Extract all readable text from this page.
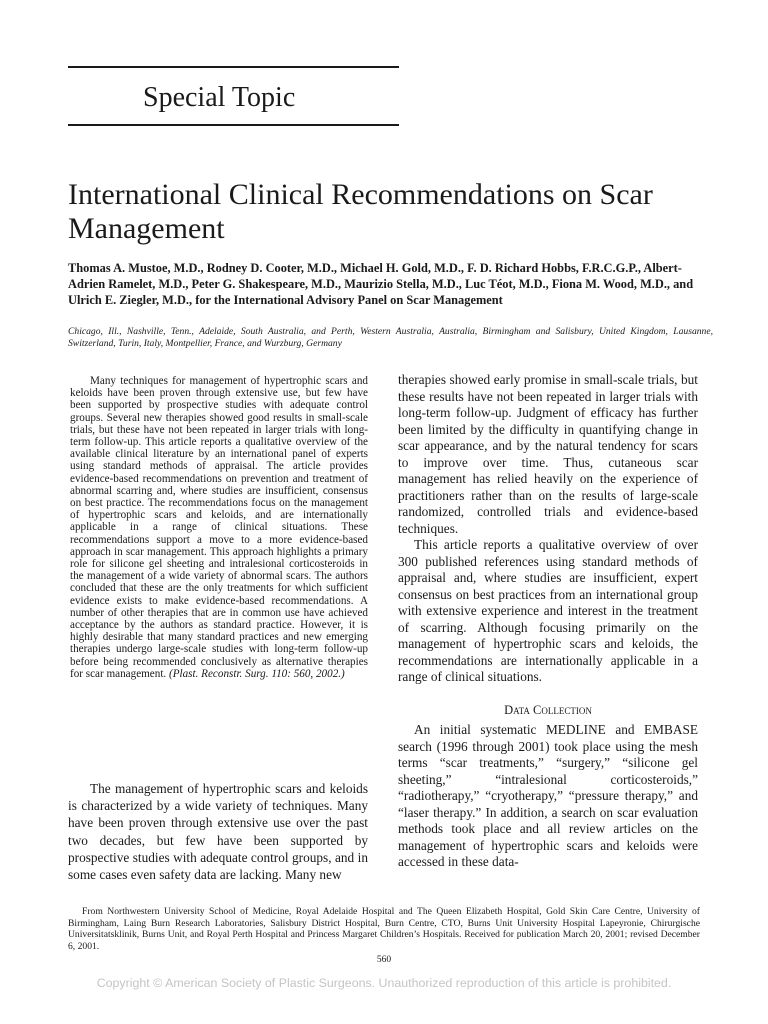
Special Topic
International Clinical Recommendations on Scar Management
Thomas A. Mustoe, M.D., Rodney D. Cooter, M.D., Michael H. Gold, M.D., F. D. Richard Hobbs, F.R.C.G.P., Albert-Adrien Ramelet, M.D., Peter G. Shakespeare, M.D., Maurizio Stella, M.D., Luc Téot, M.D., Fiona M. Wood, M.D., and Ulrich E. Ziegler, M.D., for the International Advisory Panel on Scar Management
Chicago, Ill., Nashville, Tenn., Adelaide, South Australia, and Perth, Western Australia, Australia, Birmingham and Salisbury, United Kingdom, Lausanne, Switzerland, Turin, Italy, Montpellier, France, and Wurzburg, Germany

Many techniques for management of hypertrophic scars and keloids have been proven through extensive use, but few have been supported by prospective studies with adequate control groups. Several new therapies showed good results in small-scale trials, but these have not been repeated in larger trials with long-term follow-up. This article reports a qualitative overview of the available clinical literature by an international panel of experts using standard methods of appraisal. The article provides evidence-based recommendations on prevention and treatment of abnormal scarring and, where studies are insufficient, consensus on best practice. The recommendations focus on the management of hypertrophic scars and keloids, and are internationally applicable in a range of clinical situations. These recommendations support a move to a more evidence-based approach in scar management. This approach highlights a primary role for silicone gel sheeting and intralesional corticosteroids in the management of a wide variety of abnormal scars. The authors concluded that these are the only treatments for which sufficient evidence exists to make evidence-based recommendations. A number of other therapies that are in common use have achieved acceptance by the authors as standard practice. However, it is highly desirable that many standard practices and new emerging therapies undergo large-scale studies with long-term follow-up before being recommended conclusively as alternative therapies for scar management. (Plast. Reconstr. Surg. 110: 560, 2002.)

The management of hypertrophic scars and keloids is characterized by a wide variety of techniques. Many have been proven through extensive use over the past two decades, but few have been supported by prospective studies with adequate control groups, and in some cases even safety data are lacking. Many new

therapies showed early promise in small-scale trials, but these results have not been repeated in larger trials with long-term follow-up. Judgment of efficacy has further been limited by the difficulty in quantifying change in scar appearance, and by the natural tendency for scars to improve over time. Thus, cutaneous scar management has relied heavily on the experience of practitioners rather than on the results of large-scale randomized, controlled trials and evidence-based techniques.

This article reports a qualitative overview of over 300 published references using standard methods of appraisal and, where studies are insufficient, expert consensus on best practices from an international group with extensive experience and interest in the treatment of scarring. Although focusing primarily on the management of hypertrophic scars and keloids, the recommendations are internationally applicable in a range of clinical situations.

Data Collection

An initial systematic MEDLINE and EMBASE search (1996 through 2001) took place using the mesh terms “scar treatments,” “surgery,” “silicone gel sheeting,” “intralesional corticosteroids,” “radiotherapy,” “cryotherapy,” “pressure therapy,” and “laser therapy.” In addition, a search on scar evaluation methods took place and all review articles on the management of hypertrophic scars and keloids were accessed in these data-

From Northwestern University School of Medicine, Royal Adelaide Hospital and The Queen Elizabeth Hospital, Gold Skin Care Centre, University of Birmingham, Laing Burn Research Laboratories, Salisbury District Hospital, Burn Centre, CTO, Burns Unit University Hospital Lapeyronie, Chirurgische Universitatsklinik, Burns Unit, and Royal Perth Hospital and Princess Margaret Children’s Hospitals. Received for publication March 20, 2001; revised December 6, 2001.

560
Copyright © American Society of Plastic Surgeons. Unauthorized reproduction of this article is prohibited.
